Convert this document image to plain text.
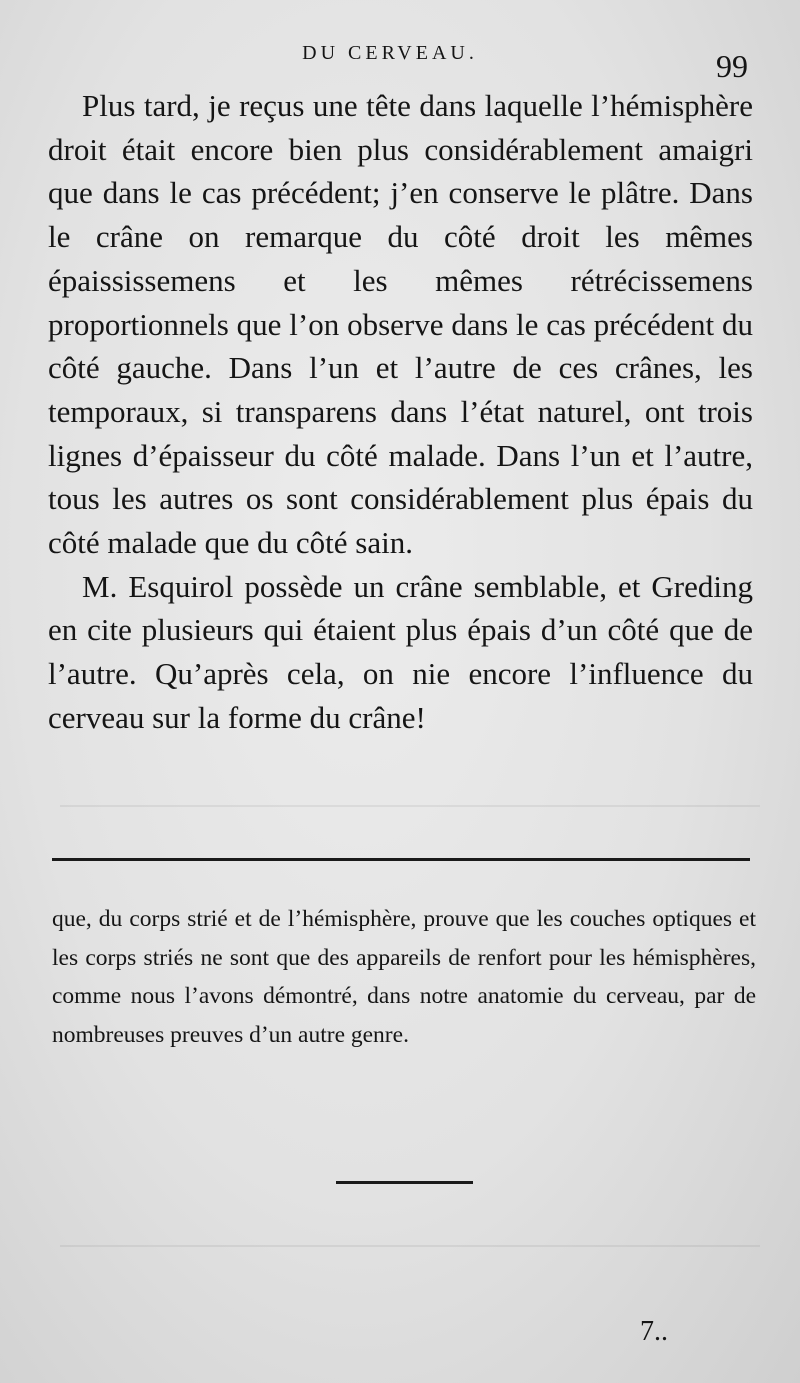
DU CERVEAU.	99

Plus tard, je reçus une tête dans laquelle l’hémisphère droit était encore bien plus considérablement amaigri que dans le cas précédent; j’en conserve le plâtre. Dans le crâne on remarque du côté droit les mêmes épaississemens et les mêmes rétrécissemens proportionnels que l’on observe dans le cas précédent du côté gauche. Dans l’un et l’autre de ces crânes, les temporaux, si transparens dans l’état naturel, ont trois lignes d’épaisseur du côté malade. Dans l’un et l’autre, tous les autres os sont considérablement plus épais du côté malade que du côté sain.

M. Esquirol possède un crâne semblable, et Greding en cite plusieurs qui étaient plus épais d’un côté que de l’autre. Qu’après cela, on nie encore l’influence du cerveau sur la forme du crâne!

que, du corps strié et de l’hémisphère, prouve que les couches optiques et les corps striés ne sont que des appareils de renfort pour les hémisphères, comme nous l’avons démontré, dans notre anatomie du cerveau, par de nombreuses preuves d’un autre genre.

7..
